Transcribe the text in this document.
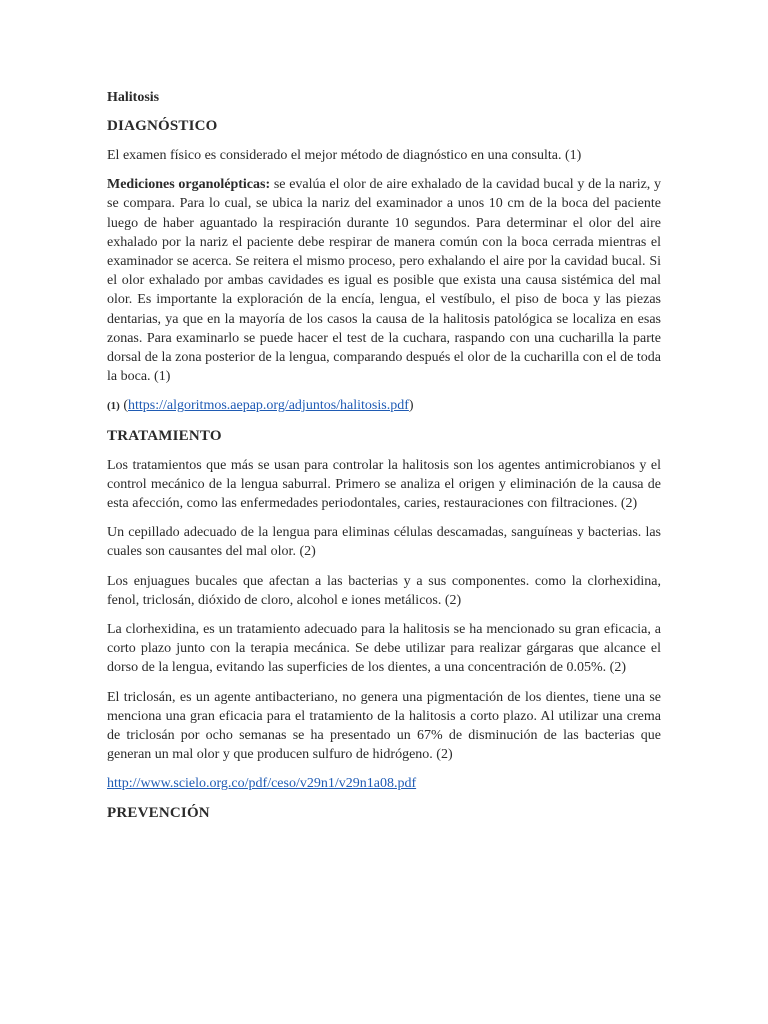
Halitosis
DIAGNÓSTICO

El examen físico es considerado el mejor método de diagnóstico en una consulta. (1)

Mediciones organolépticas: se evalúa el olor de aire exhalado de la cavidad bucal y de la nariz, y se compara. Para lo cual, se ubica la nariz del examinador a unos 10 cm de la boca del paciente luego de haber aguantado la respiración durante 10 segundos. Para determinar el olor del aire exhalado por la nariz el paciente debe respirar de manera común con la boca cerrada mientras el examinador se acerca. Se reitera el mismo proceso, pero exhalando el aire por la cavidad bucal. Si el olor exhalado por ambas cavidades es igual es posible que exista una causa sistémica del mal olor. Es importante la exploración de la encía, lengua, el vestíbulo, el piso de boca y las piezas dentarias, ya que en la mayoría de los casos la causa de la halitosis patológica se localiza en esas zonas. Para examinarlo se puede hacer el test de la cuchara, raspando con una cucharilla la parte dorsal de la zona posterior de la lengua, comparando después el olor de la cucharilla con el de toda la boca. (1)

(1) (https://algoritmos.aepap.org/adjuntos/halitosis.pdf)

TRATAMIENTO

Los tratamientos que más se usan para controlar la halitosis son los agentes antimicrobianos y el control mecánico de la lengua saburral. Primero se analiza el origen y eliminación de la causa de esta afección, como las enfermedades periodontales, caries, restauraciones con filtraciones. (2)

Un cepillado adecuado de la lengua para eliminas células descamadas, sanguíneas y bacterias. las cuales son causantes del mal olor. (2)

Los enjuagues bucales que afectan a las bacterias y a sus componentes. como la clorhexidina, fenol, triclosán, dióxido de cloro, alcohol e iones metálicos. (2)

La clorhexidina, es un tratamiento adecuado para la halitosis se ha mencionado su gran eficacia, a corto plazo junto con la terapia mecánica. Se debe utilizar para realizar gárgaras que alcance el dorso de la lengua, evitando las superficies de los dientes, a una concentración de 0.05%. (2)

El triclosán, es un agente antibacteriano, no genera una pigmentación de los dientes, tiene una se menciona una gran eficacia para el tratamiento de la halitosis a corto plazo. Al utilizar una crema de triclosán por ocho semanas se ha presentado un 67% de disminución de las bacterias que generan un mal olor y que producen sulfuro de hidrógeno. (2)

http://www.scielo.org.co/pdf/ceso/v29n1/v29n1a08.pdf

PREVENCIÓN
